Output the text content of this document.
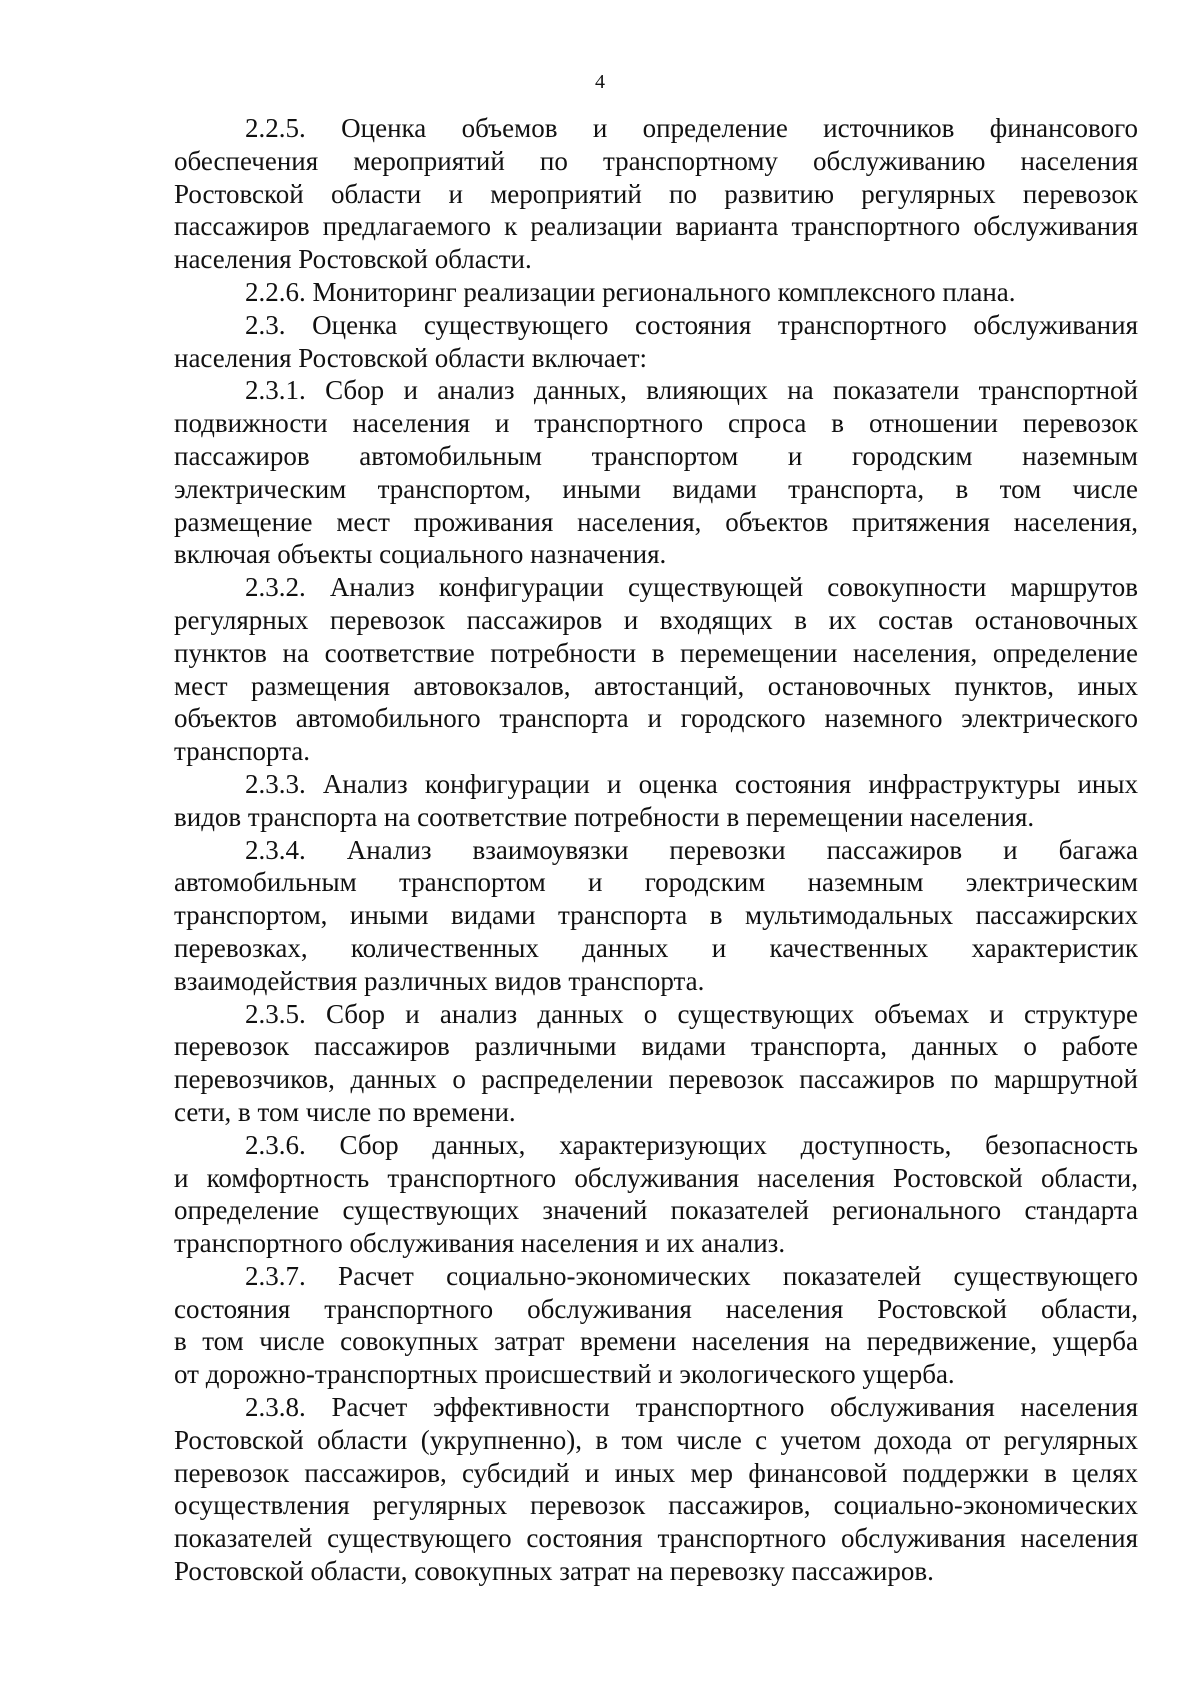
4
2.2.5. Оценка объемов и определение источников финансового
обеспечения мероприятий по транспортному обслуживанию населения
Ростовской области и мероприятий по развитию регулярных перевозок
пассажиров предлагаемого к реализации варианта транспортного обслуживания
населения Ростовской области.
2.2.6. Мониторинг реализации регионального комплексного плана.
2.3. Оценка существующего состояния транспортного обслуживания
населения Ростовской области включает:
2.3.1. Сбор и анализ данных, влияющих на показатели транспортной
подвижности населения и транспортного спроса в отношении перевозок
пассажиров автомобильным транспортом и городским наземным
электрическим транспортом, иными видами транспорта, в том числе
размещение мест проживания населения, объектов притяжения населения,
включая объекты социального назначения.
2.3.2. Анализ конфигурации существующей совокупности маршрутов
регулярных перевозок пассажиров и входящих в их состав остановочных
пунктов на соответствие потребности в перемещении населения, определение
мест размещения автовокзалов, автостанций, остановочных пунктов, иных
объектов автомобильного транспорта и городского наземного электрического
транспорта.
2.3.3. Анализ конфигурации и оценка состояния инфраструктуры иных
видов транспорта на соответствие потребности в перемещении населения.
2.3.4. Анализ взаимоувязки перевозки пассажиров и багажа
автомобильным транспортом и городским наземным электрическим
транспортом, иными видами транспорта в мультимодальных пассажирских
перевозках, количественных данных и качественных характеристик
взаимодействия различных видов транспорта.
2.3.5. Сбор и анализ данных о существующих объемах и структуре
перевозок пассажиров различными видами транспорта, данных о работе
перевозчиков, данных о распределении перевозок пассажиров по маршрутной
сети, в том числе по времени.
2.3.6. Сбор данных, характеризующих доступность, безопасность
и комфортность транспортного обслуживания населения Ростовской области,
определение существующих значений показателей регионального стандарта
транспортного обслуживания населения и их анализ.
2.3.7. Расчет социально-экономических показателей существующего
состояния транспортного обслуживания населения Ростовской области,
в том числе совокупных затрат времени населения на передвижение, ущерба
от дорожно-транспортных происшествий и экологического ущерба.
2.3.8. Расчет эффективности транспортного обслуживания населения
Ростовской области (укрупненно), в том числе с учетом дохода от регулярных
перевозок пассажиров, субсидий и иных мер финансовой поддержки в целях
осуществления регулярных перевозок пассажиров, социально-экономических
показателей существующего состояния транспортного обслуживания населения
Ростовской области, совокупных затрат на перевозку пассажиров.
